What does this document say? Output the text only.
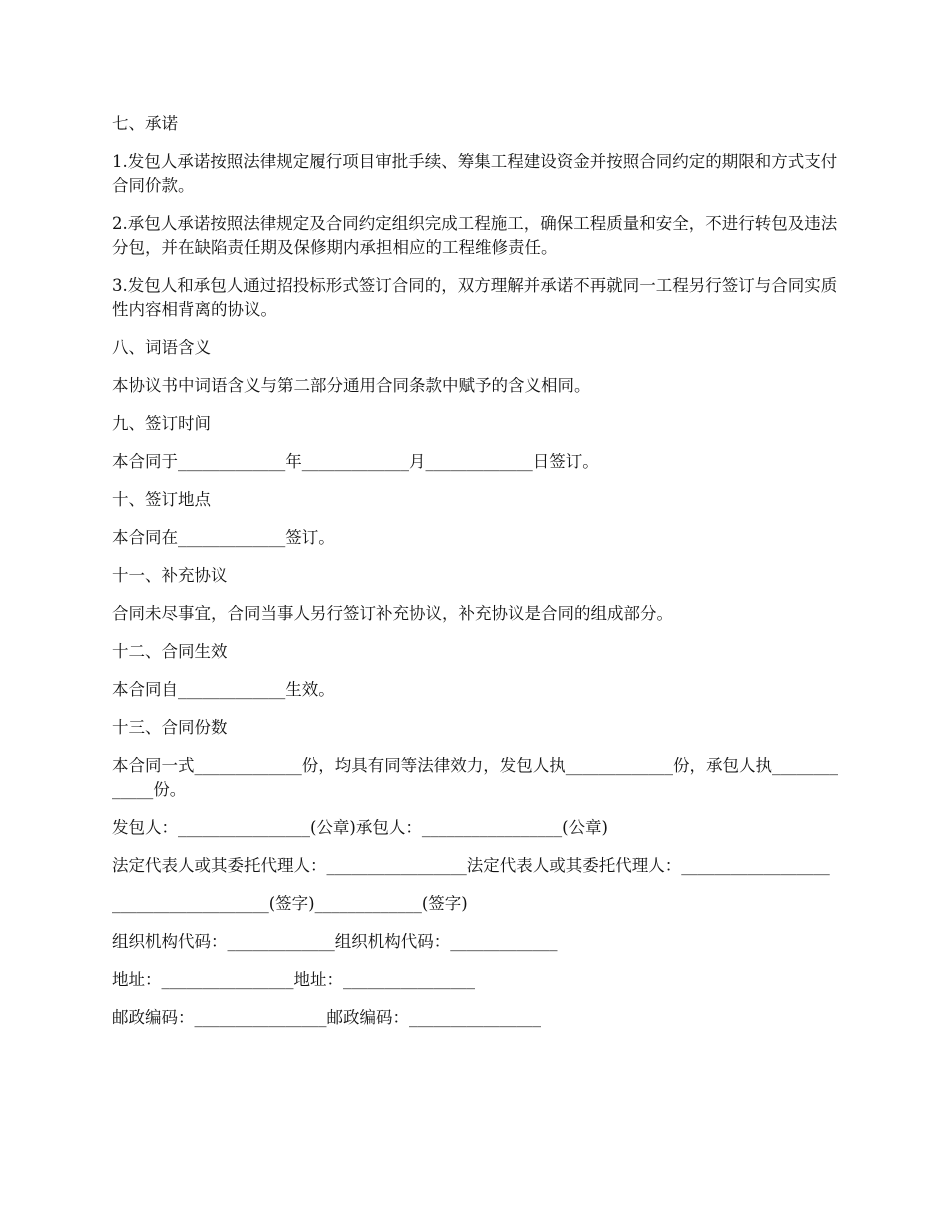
七、承诺

1.发包人承诺按照法律规定履行项目审批手续、筹集工程建设资金并按照合同约定的期限和方式支付合同价款。

2.承包人承诺按照法律规定及合同约定组织完成工程施工，确保工程质量和安全，不进行转包及违法分包，并在缺陷责任期及保修期内承担相应的工程维修责任。

3.发包人和承包人通过招投标形式签订合同的，双方理解并承诺不再就同一工程另行签订与合同实质性内容相背离的协议。

八、词语含义

本协议书中词语含义与第二部分通用合同条款中赋予的含义相同。

九、签订时间

本合同于_____________年_____________月_____________日签订。

十、签订地点

本合同在_____________签订。

十一、补充协议

合同未尽事宜，合同当事人另行签订补充协议，补充协议是合同的组成部分。

十二、合同生效

本合同自_____________生效。

十三、合同份数

本合同一式_____________份，均具有同等法律效力，发包人执_____________份，承包人执_____________份。

发包人：________________(公章)承包人：_________________(公章)

法定代表人或其委托代理人：_________________法定代表人或其委托代理人：__________________

___________________(签字)_____________(签字)

组织机构代码：_____________组织机构代码：_____________

地址：________________地址：________________

邮政编码：________________邮政编码：________________
